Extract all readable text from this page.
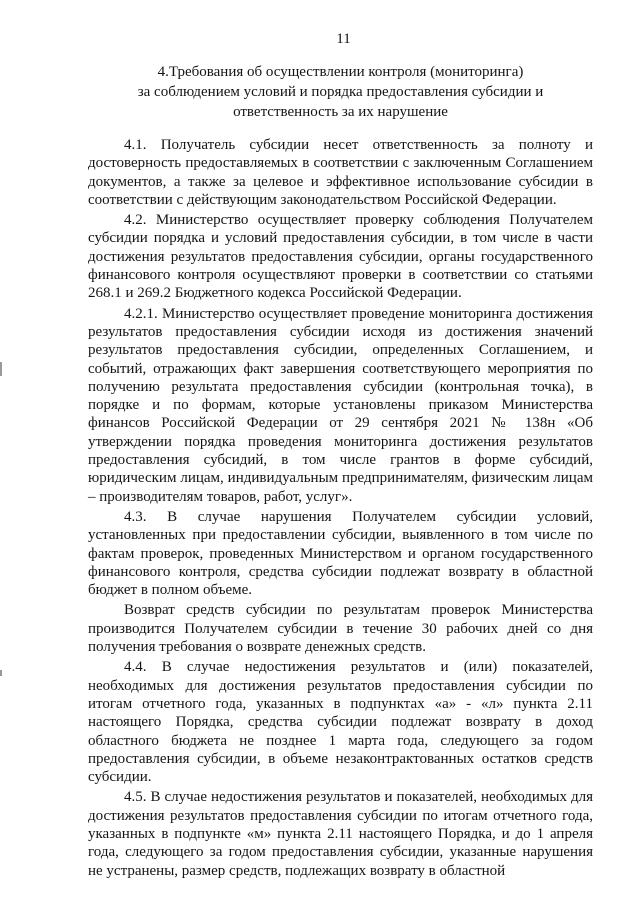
11
4.Требования об осуществлении контроля (мониторинга)
за соблюдением условий и порядка предоставления субсидии и
ответственность за их нарушение

4.1. Получатель субсидии несет ответственность за полноту и достоверность предоставляемых в соответствии с заключенным Соглашением документов, а также за целевое и эффективное использование субсидии в соответствии с действующим законодательством Российской Федерации.

4.2. Министерство осуществляет проверку соблюдения Получателем субсидии порядка и условий предоставления субсидии, в том числе в части достижения результатов предоставления субсидии, органы государственного финансового контроля осуществляют проверки в соответствии со статьями 268.1 и 269.2 Бюджетного кодекса Российской Федерации.

4.2.1. Министерство осуществляет проведение мониторинга достижения результатов предоставления субсидии исходя из достижения значений результатов предоставления субсидии, определенных Соглашением, и событий, отражающих факт завершения соответствующего мероприятия по получению результата предоставления субсидии (контрольная точка), в порядке и по формам, которые установлены приказом Министерства финансов Российской Федерации от 29 сентября 2021 № 138н «Об утверждении порядка проведения мониторинга достижения результатов предоставления субсидий, в том числе грантов в форме субсидий, юридическим лицам, индивидуальным предпринимателям, физическим лицам – производителям товаров, работ, услуг».

4.3. В случае нарушения Получателем субсидии условий, установленных при предоставлении субсидии, выявленного в том числе по фактам проверок, проведенных Министерством и органом государственного финансового контроля, средства субсидии подлежат возврату в областной бюджет в полном объеме.

Возврат средств субсидии по результатам проверок Министерства производится Получателем субсидии в течение 30 рабочих дней со дня получения требования о возврате денежных средств.

4.4. В случае недостижения результатов и (или) показателей, необходимых для достижения результатов предоставления субсидии по итогам отчетного года, указанных в подпунктах «а» - «л» пункта 2.11 настоящего Порядка, средства субсидии подлежат возврату в доход областного бюджета не позднее 1 марта года, следующего за годом предоставления субсидии, в объеме незаконтрактованных остатков средств субсидии.

4.5. В случае недостижения результатов и показателей, необходимых для достижения результатов предоставления субсидии по итогам отчетного года, указанных в подпункте «м» пункта 2.11 настоящего Порядка, и до 1 апреля года, следующего за годом предоставления субсидии, указанные нарушения не устранены, размер средств, подлежащих возврату в областной
